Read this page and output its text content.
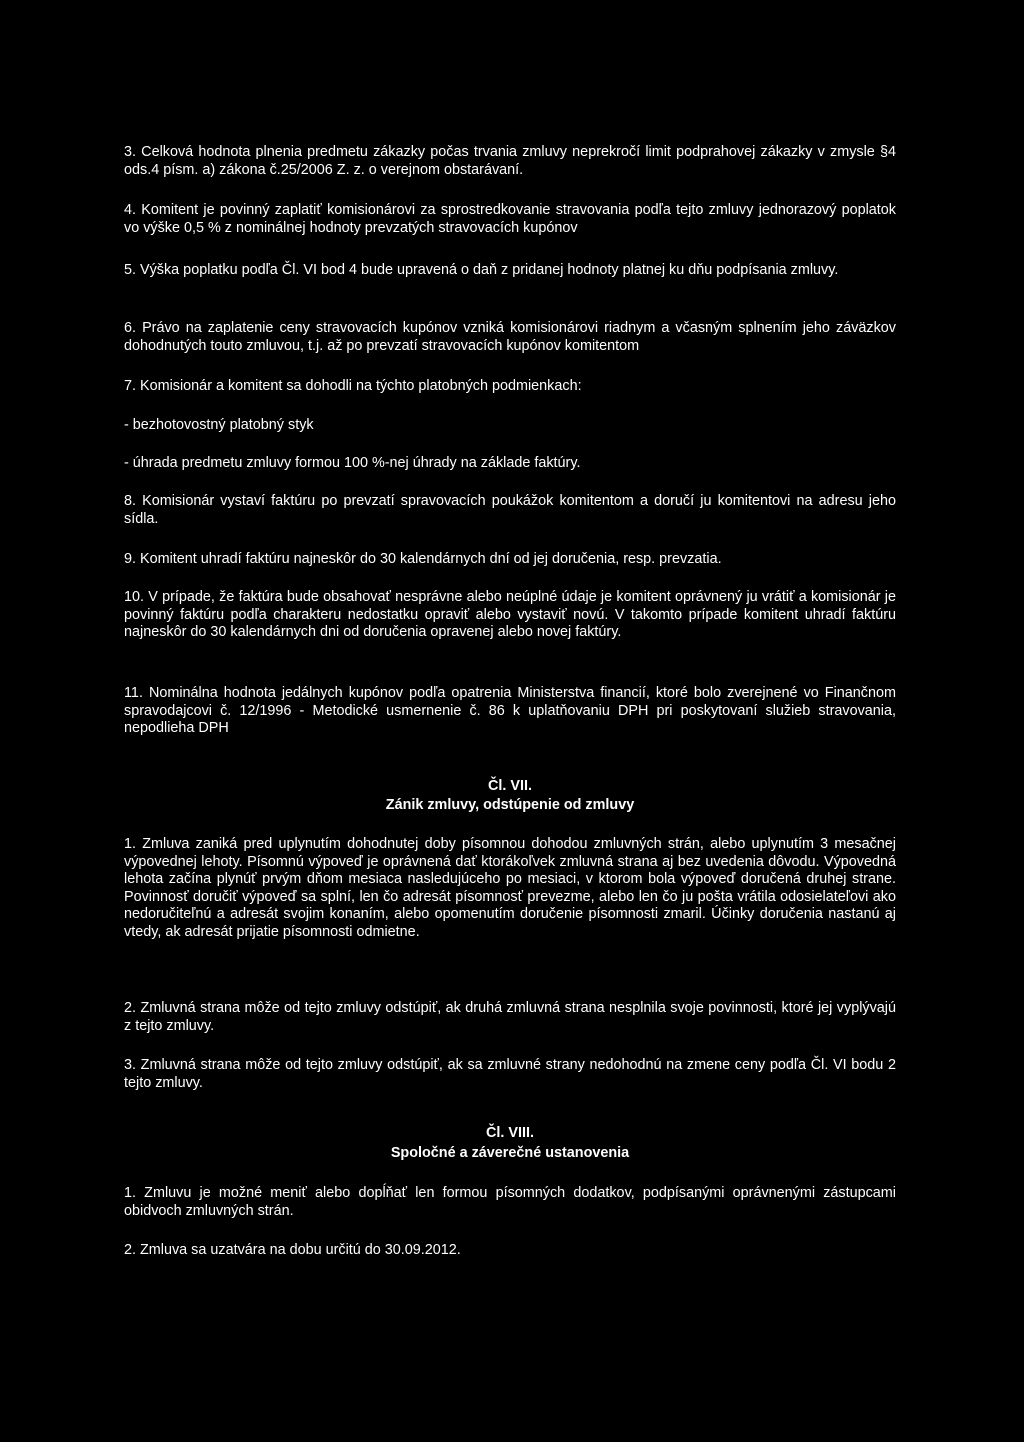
3. Celková hodnota plnenia predmetu zákazky počas trvania zmluvy neprekročí limit podprahovej zákazky v zmysle §4 ods.4 písm. a) zákona č.25/2006 Z. z. o verejnom obstarávaní.

4. Komitent je povinný zaplatiť komisionárovi za sprostredkovanie stravovania podľa tejto zmluvy jednorazový poplatok vo výške 0,5 % z nominálnej hodnoty prevzatých stravovacích kupónov

5. Výška poplatku podľa Čl. VI bod 4 bude upravená o daň z pridanej hodnoty platnej ku dňu podpísania zmluvy.

6. Právo na zaplatenie ceny stravovacích kupónov vzniká komisionárovi riadnym a včasným splnením jeho záväzkov dohodnutých touto zmluvou, t.j. až po prevzatí stravovacích kupónov komitentom

7. Komisionár a komitent sa dohodli na týchto platobných podmienkach:

- bezhotovostný platobný styk

- úhrada predmetu zmluvy formou 100 %-nej úhrady na základe faktúry.

8. Komisionár vystaví faktúru po prevzatí spravovacích poukážok komitentom a doručí ju komitentovi na adresu jeho sídla.

9. Komitent uhradí faktúru najneskôr do 30 kalendárnych dní od jej doručenia, resp. prevzatia.

10. V prípade, že faktúra bude obsahovať nesprávne alebo neúplné údaje je komitent oprávnený ju vrátiť a komisionár je povinný faktúru podľa charakteru nedostatku opraviť alebo vystaviť novú. V takomto prípade komitent uhradí faktúru najneskôr do 30 kalendárnych dni od doručenia opravenej alebo novej faktúry.

11. Nominálna hodnota jedálnych kupónov podľa opatrenia Ministerstva financií, ktoré bolo zverejnené vo Finančnom spravodajcovi č. 12/1996 - Metodické usmernenie č. 86 k uplatňovaniu DPH pri poskytovaní služieb stravovania, nepodlieha DPH

Čl. VII.

Zánik zmluvy, odstúpenie od zmluvy

1. Zmluva zaniká pred uplynutím dohodnutej doby písomnou dohodou zmluvných strán, alebo uplynutím 3 mesačnej výpovednej lehoty. Písomnú výpoveď je oprávnená dať ktorákoľvek zmluvná strana aj bez uvedenia dôvodu. Výpovedná lehota začína plynúť prvým dňom mesiaca nasledujúceho po mesiaci, v ktorom bola výpoveď doručená druhej strane. Povinnosť doručiť výpoveď sa splní, len čo adresát písomnosť prevezme, alebo len čo ju pošta vrátila odosielateľovi ako nedoručiteľnú a adresát svojim konaním, alebo opomenutím doručenie písomnosti zmaril. Účinky doručenia nastanú aj vtedy, ak adresát prijatie písomnosti odmietne.

2. Zmluvná strana môže od tejto zmluvy odstúpiť, ak druhá zmluvná strana nesplnila svoje povinnosti, ktoré jej vyplývajú z tejto zmluvy.

3. Zmluvná strana môže od tejto zmluvy odstúpiť, ak sa zmluvné strany nedohodnú na zmene ceny podľa Čl. VI bodu 2 tejto zmluvy.

Čl. VIII.

Spoločné a záverečné ustanovenia

1. Zmluvu je možné meniť alebo dopĺňať len formou písomných dodatkov, podpísanými oprávnenými zástupcami obidvoch zmluvných strán.

2. Zmluva sa uzatvára na dobu určitú do 30.09.2012.
